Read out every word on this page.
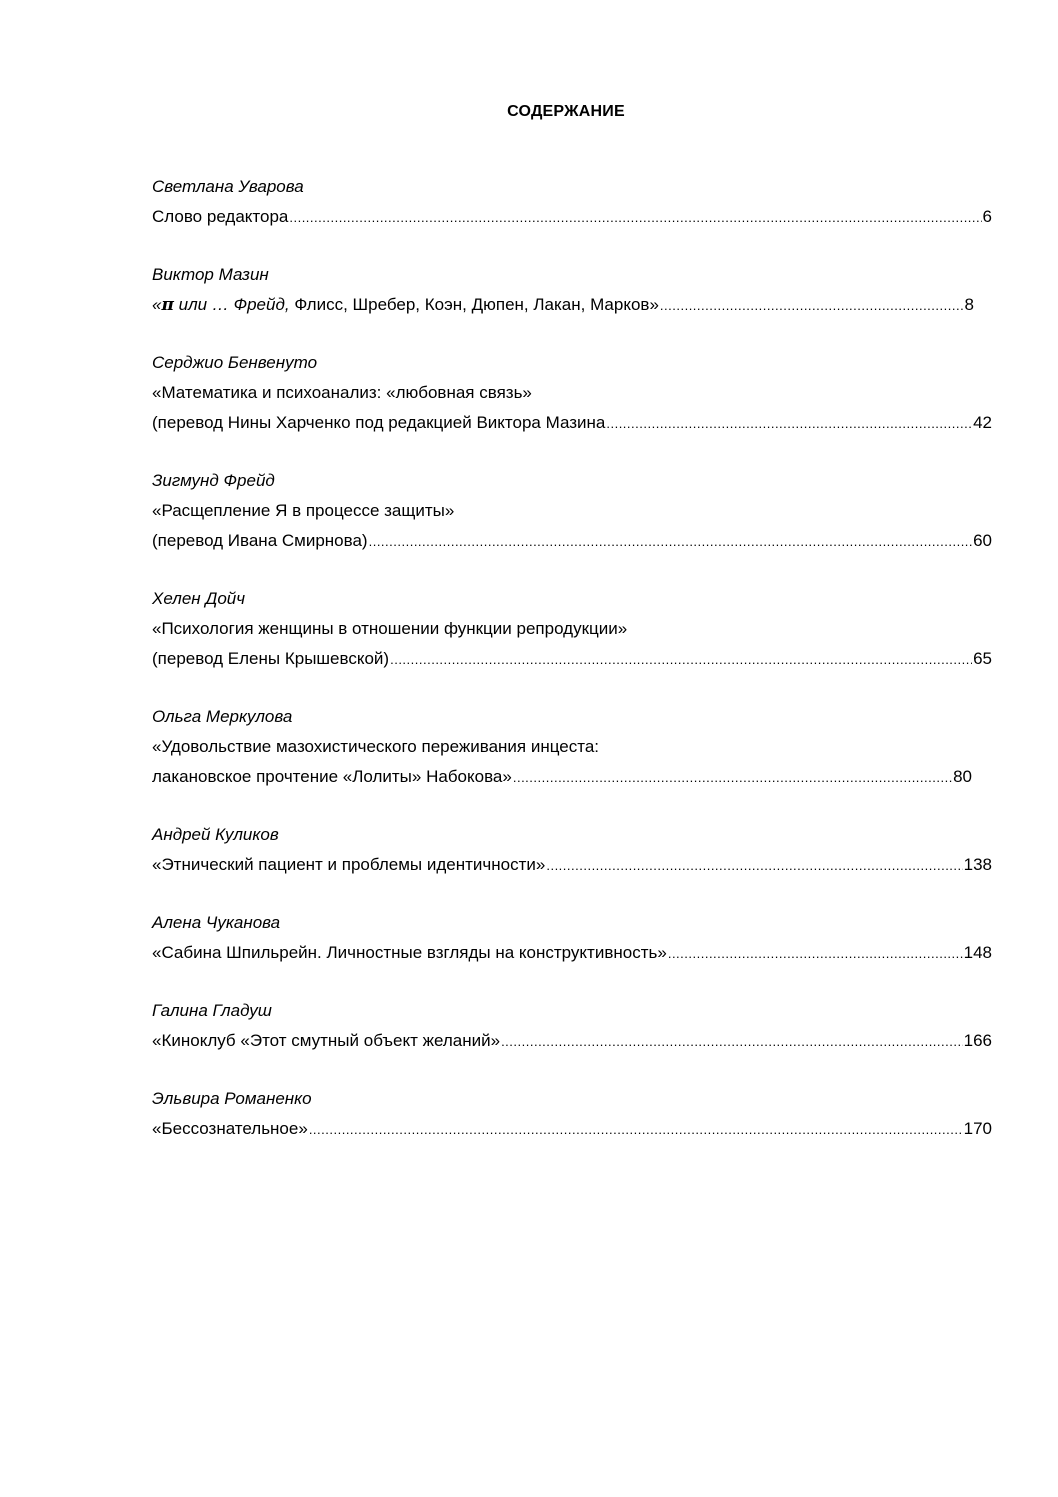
СОДЕРЖАНИЕ
Светлана Уварова
Слово редактора .....	6
Виктор Мазин
«π или … Фрейд, Флисс, Шребер, Коэн, Дюпен, Лакан, Марков» .....	8
Серджио Бенвенуто
«Математика и психоанализ: «любовная связь»
(перевод Нины Харченко под редакцией Виктора Мазина .....	42
Зигмунд Фрейд
«Расщепление Я в процессе защиты»
(перевод Ивана Смирнова) .....	60
Хелен Дойч
«Психология женщины в отношении функции репродукции»
(перевод Елены Крышевской) .....	65
Ольга Меркулова
«Удовольствие мазохистического переживания инцеста:
лакановское прочтение «Лолиты» Набокова» .....	80
Андрей Куликов
«Этнический пациент и проблемы идентичности» .....	138
Алена Чуканова
«Сабина Шпильрейн. Личностные взгляды на конструктивность» .....	148
Галина Гладуш
«Киноклуб «Этот смутный объект желаний» .....	166
Эльвира Романенко
«Бессознательное» .....	170
